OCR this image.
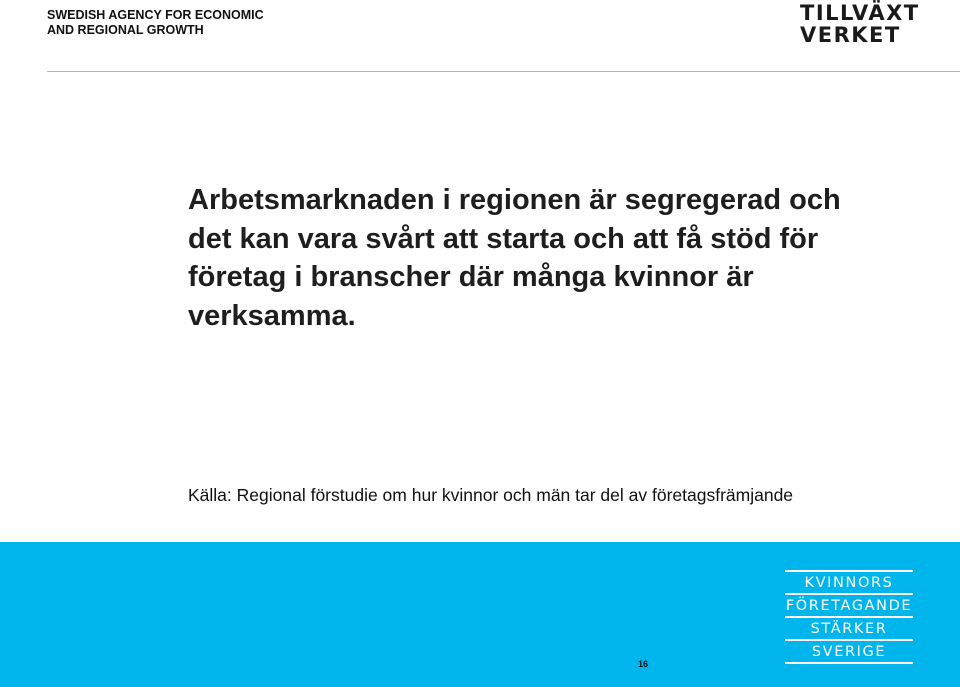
SWEDISH AGENCY FOR ECONOMIC
AND REGIONAL GROWTH
TILLVÄXT
VERKET
Arbetsmarknaden i regionen är segregerad och det kan vara svårt att starta och att få stöd för företag i branscher där många kvinnor är verksamma.
Källa: Regional förstudie om hur kvinnor och män tar del av företagsfrämjande
16
KVINNORS
FÖRETAGANDE
STÄRKER
SVERIGE
